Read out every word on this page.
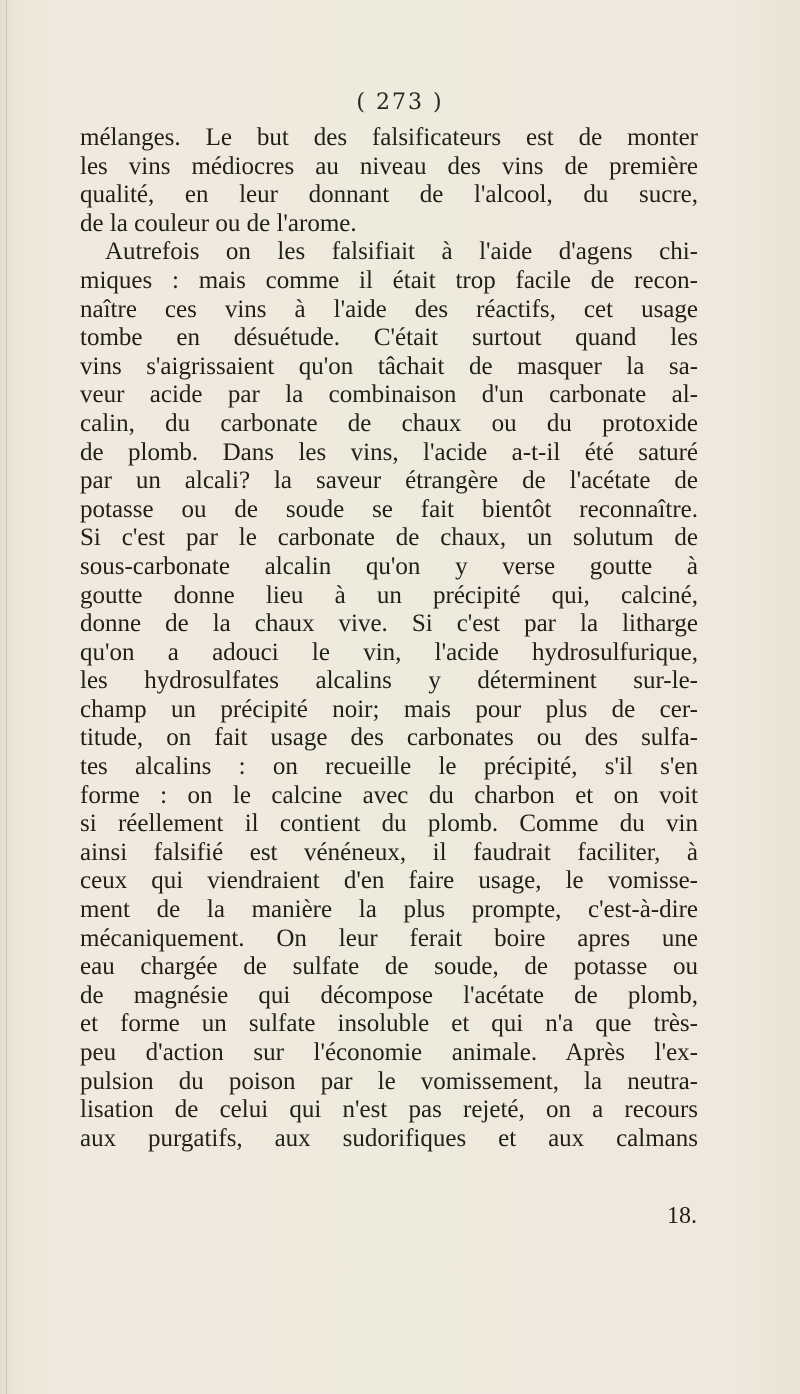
( 273 )
mélanges. Le but des falsificateurs est de monter
les vins médiocres au niveau des vins de première
qualité, en leur donnant de l'alcool, du sucre,
de la couleur ou de l'arome.
Autrefois on les falsifiait à l'aide d'agens chi-
miques : mais comme il était trop facile de recon-
naître ces vins à l'aide des réactifs, cet usage
tombe en désuétude. C'était surtout quand les
vins s'aigrissaient qu'on tâchait de masquer la sa-
veur acide par la combinaison d'un carbonate al-
calin, du carbonate de chaux ou du protoxide
de plomb. Dans les vins, l'acide a-t-il été saturé
par un alcali? la saveur étrangère de l'acétate de
potasse ou de soude se fait bientôt reconnaître.
Si c'est par le carbonate de chaux, un solutum de
sous-carbonate alcalin qu'on y verse goutte à
goutte donne lieu à un précipité qui, calciné,
donne de la chaux vive. Si c'est par la litharge
qu'on a adouci le vin, l'acide hydrosulfurique,
les hydrosulfates alcalins y déterminent sur-le-
champ un précipité noir; mais pour plus de cer-
titude, on fait usage des carbonates ou des sulfa-
tes alcalins : on recueille le précipité, s'il s'en
forme : on le calcine avec du charbon et on voit
si réellement il contient du plomb. Comme du vin
ainsi falsifié est vénéneux, il faudrait faciliter, à
ceux qui viendraient d'en faire usage, le vomisse-
ment de la manière la plus prompte, c'est-à-dire
mécaniquement. On leur ferait boire apres une
eau chargée de sulfate de soude, de potasse ou
de magnésie qui décompose l'acétate de plomb,
et forme un sulfate insoluble et qui n'a que très-
peu d'action sur l'économie animale. Après l'ex-
pulsion du poison par le vomissement, la neutra-
lisation de celui qui n'est pas rejeté, on a recours
aux purgatifs, aux sudorifiques et aux calmans
18.
